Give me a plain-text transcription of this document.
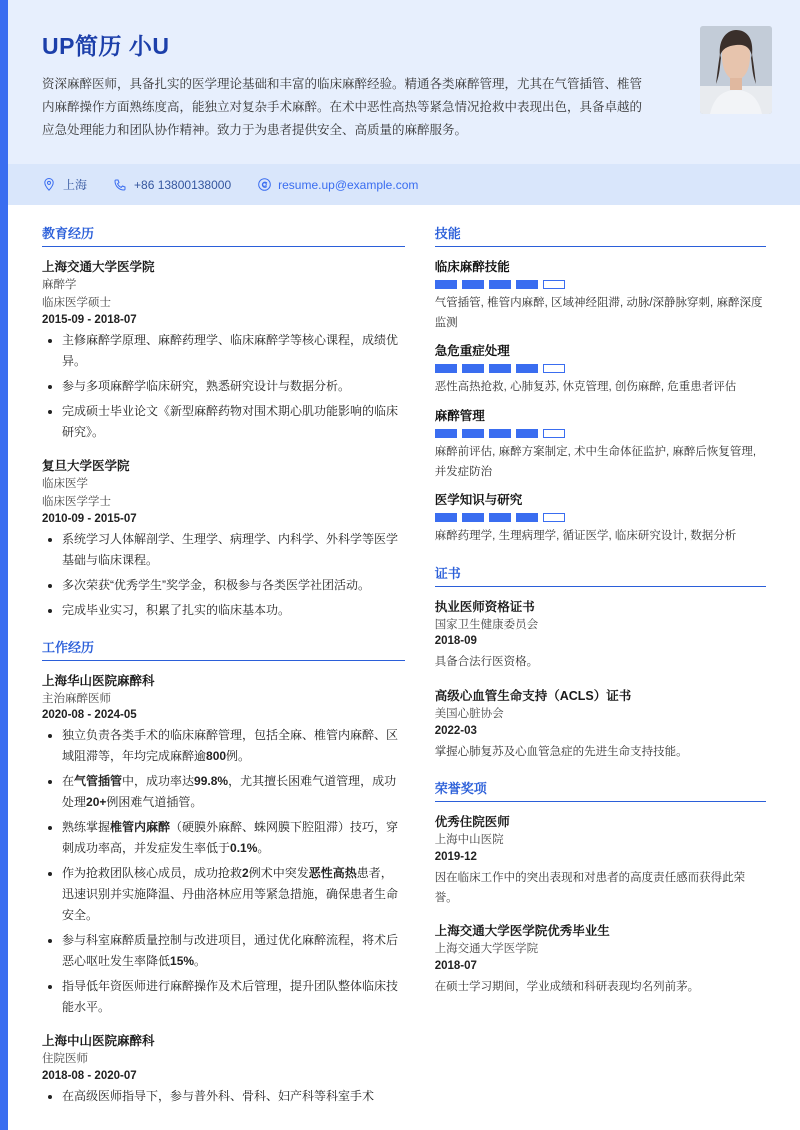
UP简历 小U

资深麻醉医师，具备扎实的医学理论基础和丰富的临床麻醉经验。精通各类麻醉管理，尤其在气管插管、椎管内麻醉操作方面熟练度高，能独立对复杂手术麻醉。在术中恶性高热等紧急情况抢救中表现出色，具备卓越的应急处理能力和团队协作精神。致力于为患者提供安全、高质量的麻醉服务。

上海	+86 13800138000	resume.up@example.com
教育经历
上海交通大学医学院
麻醉学
临床医学硕士
2015-09 - 2018-07
• 主修麻醉学原理、麻醉药理学、临床麻醉学等核心课程，成绩优异。
• 参与多项麻醉学临床研究，熟悉研究设计与数据分析。
• 完成硕士毕业论文《新型麻醉药物对围术期心肌功能影响的临床研究》。
复旦大学医学院
临床医学
临床医学学士
2010-09 - 2015-07
• 系统学习人体解剖学、生理学、病理学、内科学、外科学等医学基础与临床课程。
• 多次荣获“优秀学生”奖学金，积极参与各类医学社团活动。
• 完成毕业实习，积累了扎实的临床基本功。
工作经历
上海华山医院麻醉科
主治麻醉医师
2020-08 - 2024-05
• 独立负责各类手术的临床麻醉管理，包括全麻、椎管内麻醉、区域阻滞等，年均完成麻醉逾800例。
• 在气管插管中，成功率达99.8%，尤其擅长困难气道管理，成功处理20+例困难气道插管。
• 熟练掌握椎管内麻醉（硬膜外麻醉、蛛网膜下腔阻滞）技巧，穿刺成功率高，并发症发生率低于0.1%。
• 作为抢救团队核心成员，成功抢救2例术中突发恶性高热患者，迅速识别并实施降温、丹曲洛林应用等紧急措施，确保患者生命安全。
• 参与科室麻醉质量控制与改进项目，通过优化麻醉流程，将术后恶心呕吐发生率降低15%。
• 指导低年资医师进行麻醉操作及术后管理，提升团队整体临床技能水平。
上海中山医院麻醉科
住院医师
2018-08 - 2020-07
• 在高级医师指导下，参与普外科、骨科、妇产科等科室手术
技能
临床麻醉技能
气管插管, 椎管内麻醉, 区域神经阻滞, 动脉/深静脉穿刺, 麻醉深度监测
急危重症处理
恶性高热抢救, 心肺复苏, 休克管理, 创伤麻醉, 危重患者评估
麻醉管理
麻醉前评估, 麻醉方案制定, 术中生命体征监护, 麻醉后恢复管理, 并发症防治
医学知识与研究
麻醉药理学, 生理病理学, 循证医学, 临床研究设计, 数据分析
证书
执业医师资格证书
国家卫生健康委员会
2018-09
具备合法行医资格。
高级心血管生命支持（ACLS）证书
美国心脏协会
2022-03
掌握心肺复苏及心血管急症的先进生命支持技能。
荣誉奖项
优秀住院医师
上海中山医院
2019-12
因在临床工作中的突出表现和对患者的高度责任感而获得此荣誉。
上海交通大学医学院优秀毕业生
上海交通大学医学院
2018-07
在硕士学习期间，学业成绩和科研表现均名列前茅。
